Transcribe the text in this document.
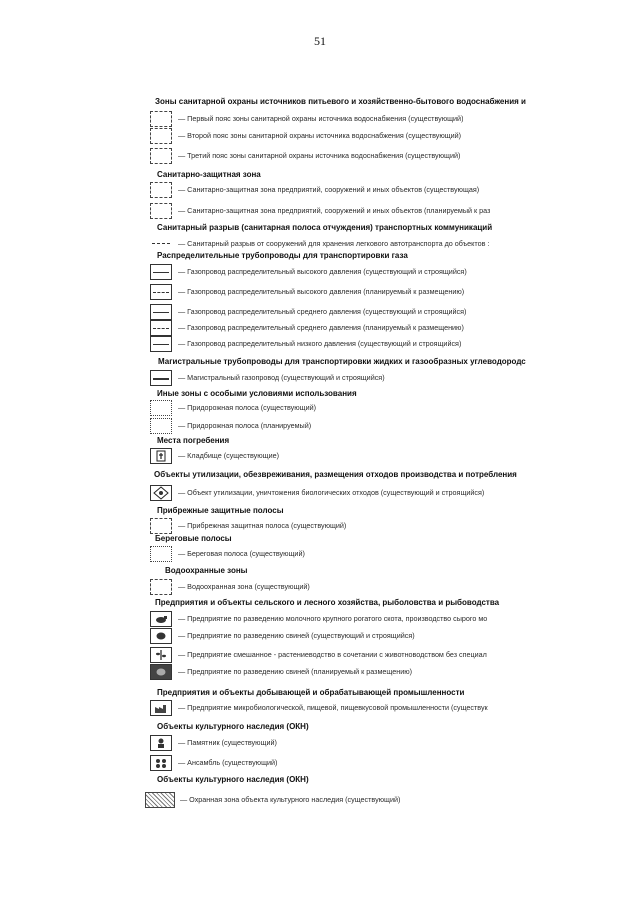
51
Зоны санитарной охраны источников питьевого и хозяйственно-бытового водоснабжения и
— Первый пояс зоны санитарной охраны источника водоснабжения (существующий)
— Второй пояс зоны санитарной охраны источника водоснабжения (существующий)
— Третий пояс зоны санитарной охраны источника водоснабжения (существующий)
Санитарно-защитная зона
— Санитарно-защитная зона предприятий, сооружений и иных объектов (существующая)
— Санитарно-защитная зона предприятий, сооружений и иных объектов (планируемый к раз
Санитарный разрыв (санитарная полоса отчуждения) транспортных коммуникаций
— Санитарный разрыв от сооружений для хранения легкового автотранспорта до объектов :
Распределительные трубопроводы для транспортировки газа
— Газопровод распределительный высокого давления (существующий и строящийся)
— Газопровод распределительный высокого давления (планируемый к размещению)
— Газопровод распределительный среднего давления (существующий и строящийся)
— Газопровод распределительный среднего давления (планируемый к размещению)
— Газопровод распределительный низкого давления (существующий и строящийся)
Магистральные трубопроводы для транспортировки жидких и газообразных углеводородс
— Магистральный газопровод (существующий и строящийся)
Иные зоны с особыми условиями использования
— Придорожная полоса (существующий)
— Придорожная полоса (планируемый)
Места погребения
— Кладбище (существующие)
Объекты утилизации, обезвреживания, размещения отходов производства и потребления
— Объект утилизации, уничтожения биологических отходов (существующий и строящийся)
Прибрежные защитные полосы
— Прибрежная защитная полоса (существующий)
Береговые полосы
— Береговая полоса (существующий)
Водоохранные зоны
— Водоохранная зона (существующий)
Предприятия и объекты сельского и лесного хозяйства, рыболовства и рыбоводства
— Предприятие по разведению молочного крупного рогатого скота, производство сырого мо
— Предприятие по разведению свиней (существующий и строящийся)
— Предприятие смешанное - растениеводство в сочетании с животноводством без специал
— Предприятие по разведению свиней (планируемый к размещению)
Предприятия и объекты добывающей и обрабатывающей промышленности
— Предприятие микробиологической, пищевой, пищевкусовой промышленности (существук
Объекты культурного наследия (ОКН)
— Памятник (существующий)
— Ансамбль (существующий)
Объекты культурного наследия (ОКН)
— Охранная зона объекта культурного наследия (существующий)
